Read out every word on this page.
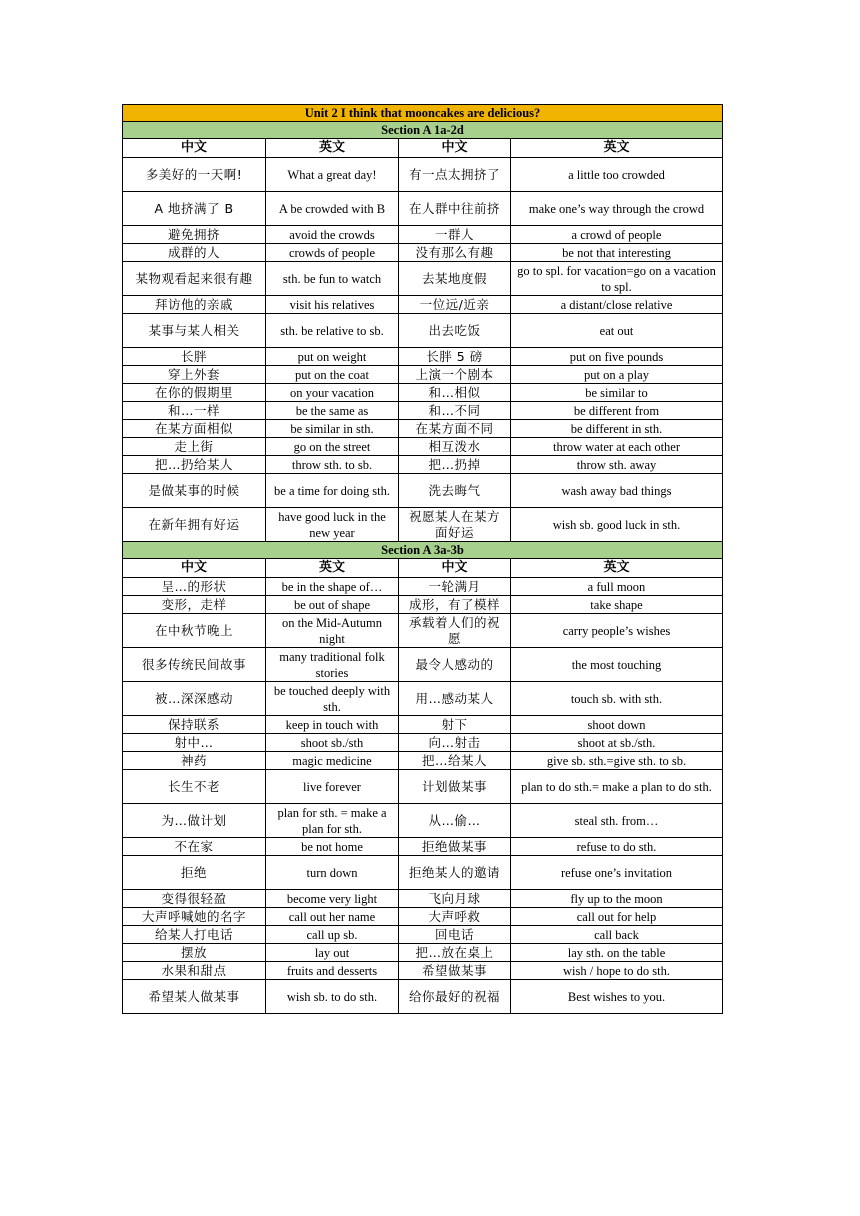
Unit 2 I think that mooncakes are delicious?			
Section A 1a-2d			
中文	英文	中文	英文
多美好的一天啊!	What a great day!	有一点太拥挤了	a little too crowded
A 地挤满了 B	A be crowded with B	在人群中往前挤	make one’s way through the crowd
避免拥挤	avoid the crowds	一群人	a crowd of people
成群的人	crowds of people	没有那么有趣	be not that interesting
某物观看起来很有趣	sth. be fun to watch	去某地度假	go to spl. for vacation=go on a vacation to spl.
拜访他的亲戚	visit his relatives	一位远/近亲	a distant/close relative
某事与某人相关	sth. be relative to sb.	出去吃饭	eat out
长胖	put on weight	长胖 5 磅	put on five pounds
穿上外套	put on the coat	上演一个剧本	put on a play
在你的假期里	on your vacation	和…相似	be similar to
和…一样	be the same as	和…不同	be different from
在某方面相似	be similar in sth.	在某方面不同	be different in sth.
走上街	go on the street	相互泼水	throw water at each other
把…扔给某人	throw sth. to sb.	把…扔掉	throw sth. away
是做某事的时候	be a time for doing sth.	洗去晦气	wash away bad things
在新年拥有好运	have good luck in the new year	祝愿某人在某方面好运	wish sb. good luck in sth.
Section A 3a-3b			
中文	英文	中文	英文
呈…的形状	be in the shape of…	一轮满月	a full moon
变形，走样	be out of shape	成形，有了模样	take shape
在中秋节晚上	on the Mid-Autumn night	承载着人们的祝愿	carry people’s wishes
很多传统民间故事	many traditional folk stories	最令人感动的	the most touching
被…深深感动	be touched deeply with sth.	用…感动某人	touch sb. with sth.
保持联系	keep in touch with	射下	shoot down
射中…	shoot sb./sth	向…射击	shoot at sb./sth.
神药	magic medicine	把…给某人	give sb. sth.=give sth. to sb.
长生不老	live forever	计划做某事	plan to do sth.= make a plan to do sth.
为…做计划	plan for sth. = make a plan for sth.	从…偷…	steal sth. from…
不在家	be not home	拒绝做某事	refuse to do sth.
拒绝	turn down	拒绝某人的邀请	refuse one’s invitation
变得很轻盈	become very light	飞向月球	fly up to the moon
大声呼喊她的名字	call out her name	大声呼救	call out for help
给某人打电话	call up sb.	回电话	call back
摆放	lay out	把…放在桌上	lay sth. on the table
水果和甜点	fruits and desserts	希望做某事	wish / hope to do sth.
希望某人做某事	wish sb. to do sth.	给你最好的祝福	Best wishes to you.
